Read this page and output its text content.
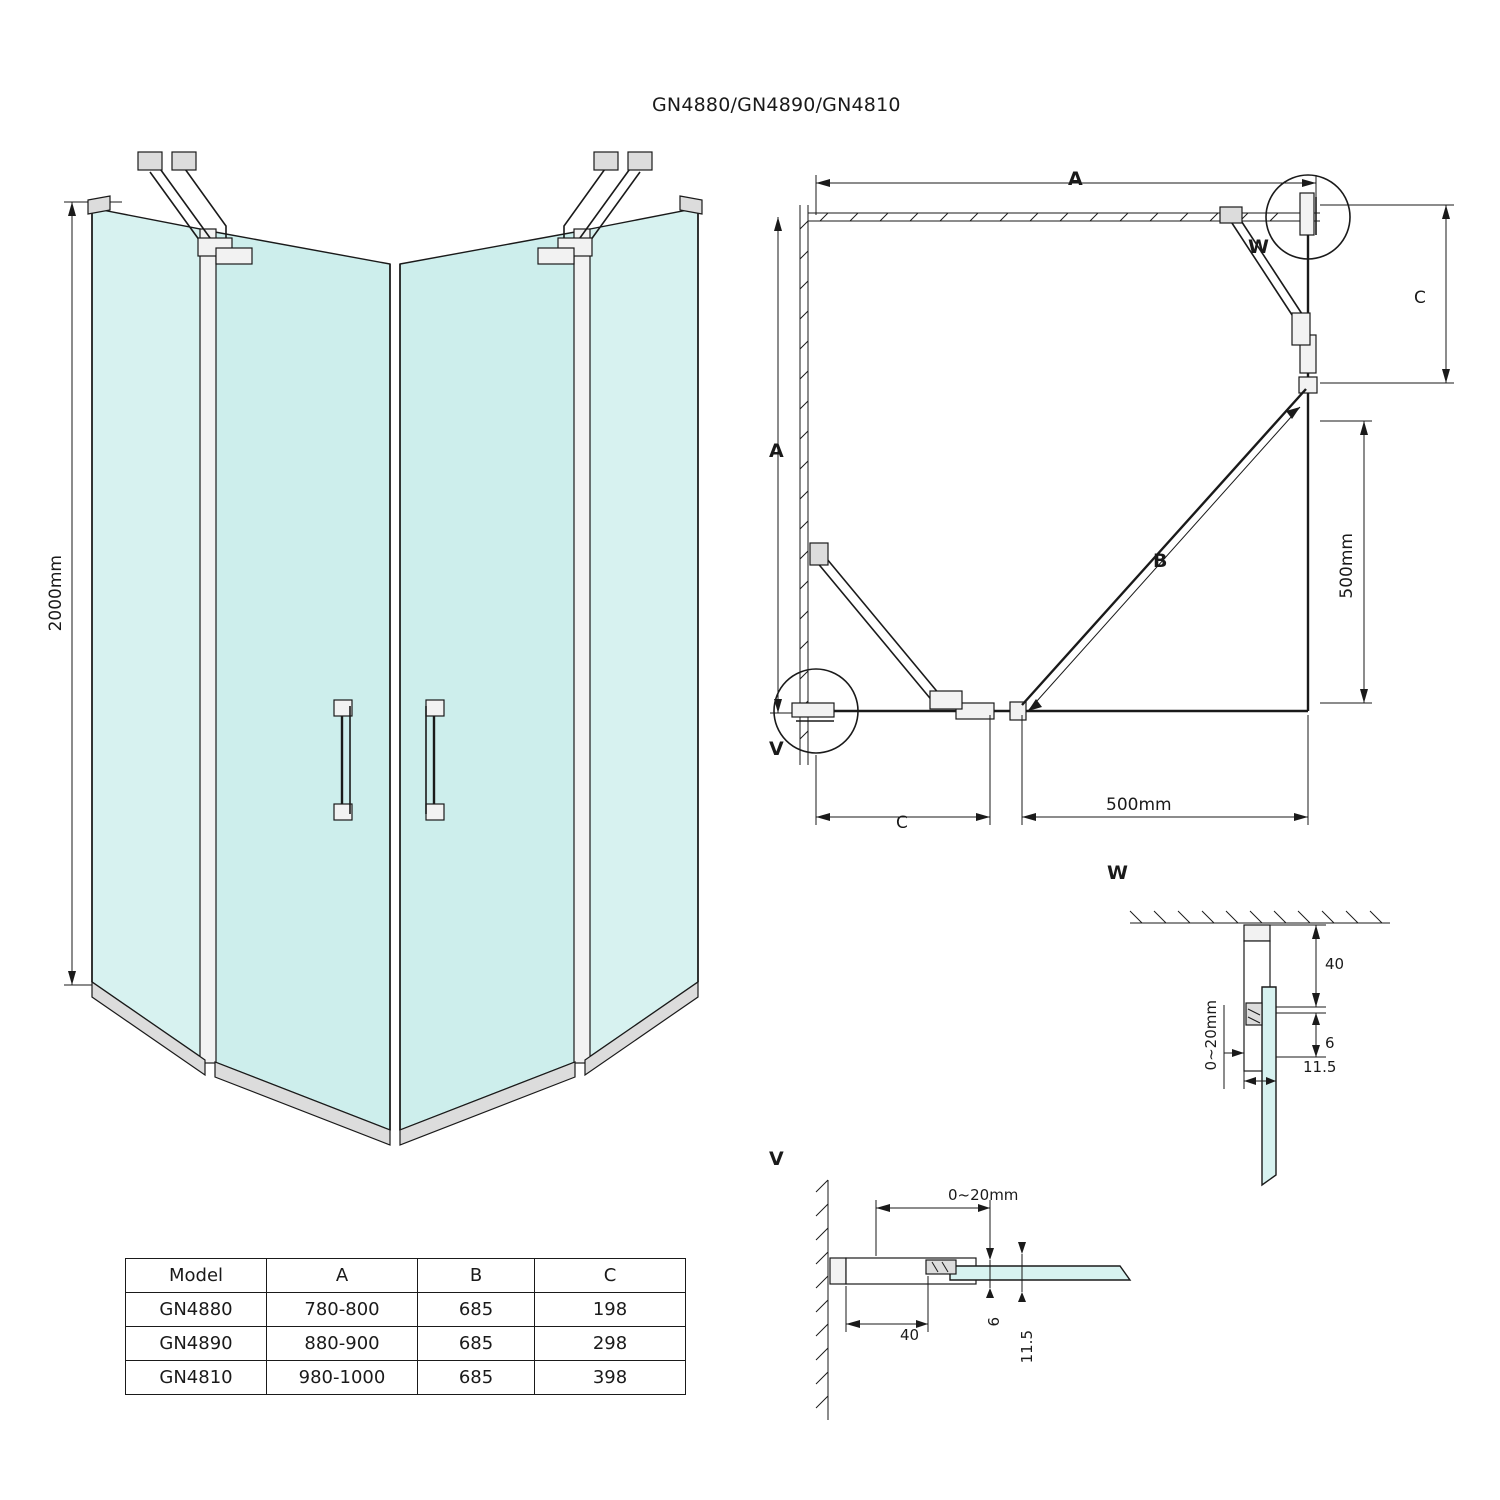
GN4880/GN4890/GN4810
2000mm
A
A
B
W
V
C
500mm
500mm
C
W
40
6
11.5
0~20mm
V
0~20mm
40
6
11.5
Model	A	B	C
GN4880	780-800	685	198
GN4890	880-900	685	298
GN4810	980-1000	685	398
